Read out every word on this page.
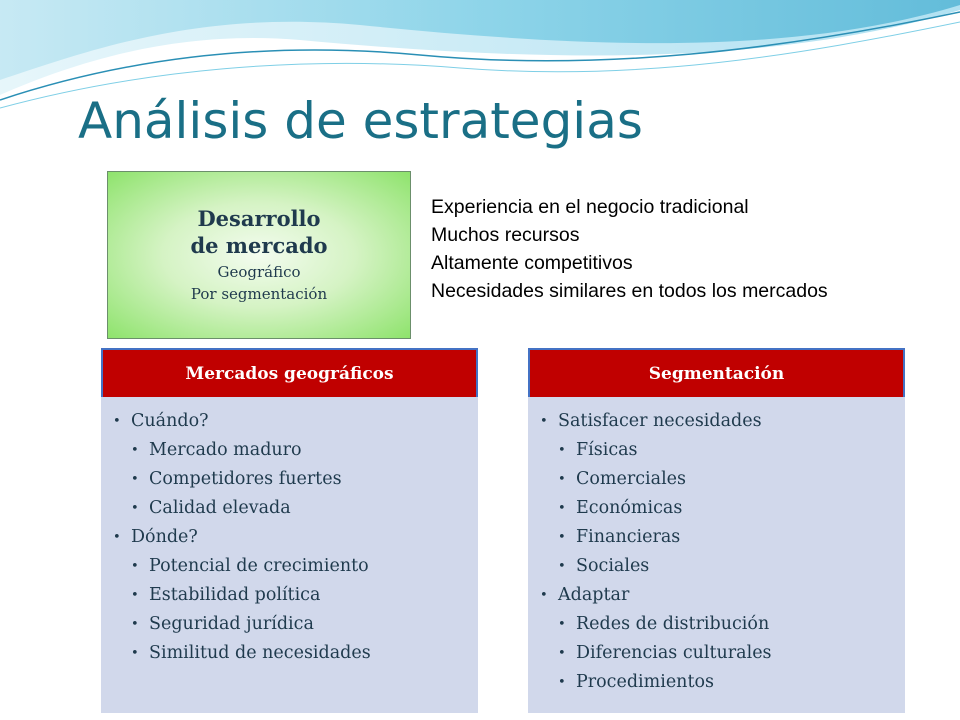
Análisis de estrategias
Desarrollo
de mercado
Geográfico
Por segmentación
Experiencia en el negocio tradicional
Muchos recursos
Altamente competitivos
Necesidades similares en todos los mercados
Mercados geográficos
• Cuándo?
• Mercado maduro
• Competidores fuertes
• Calidad elevada
• Dónde?
• Potencial de crecimiento
• Estabilidad política
• Seguridad jurídica
• Similitud de necesidades
Segmentación
• Satisfacer necesidades
• Físicas
• Comerciales
• Económicas
• Financieras
• Sociales
• Adaptar
• Redes de distribución
• Diferencias culturales
• Procedimientos
